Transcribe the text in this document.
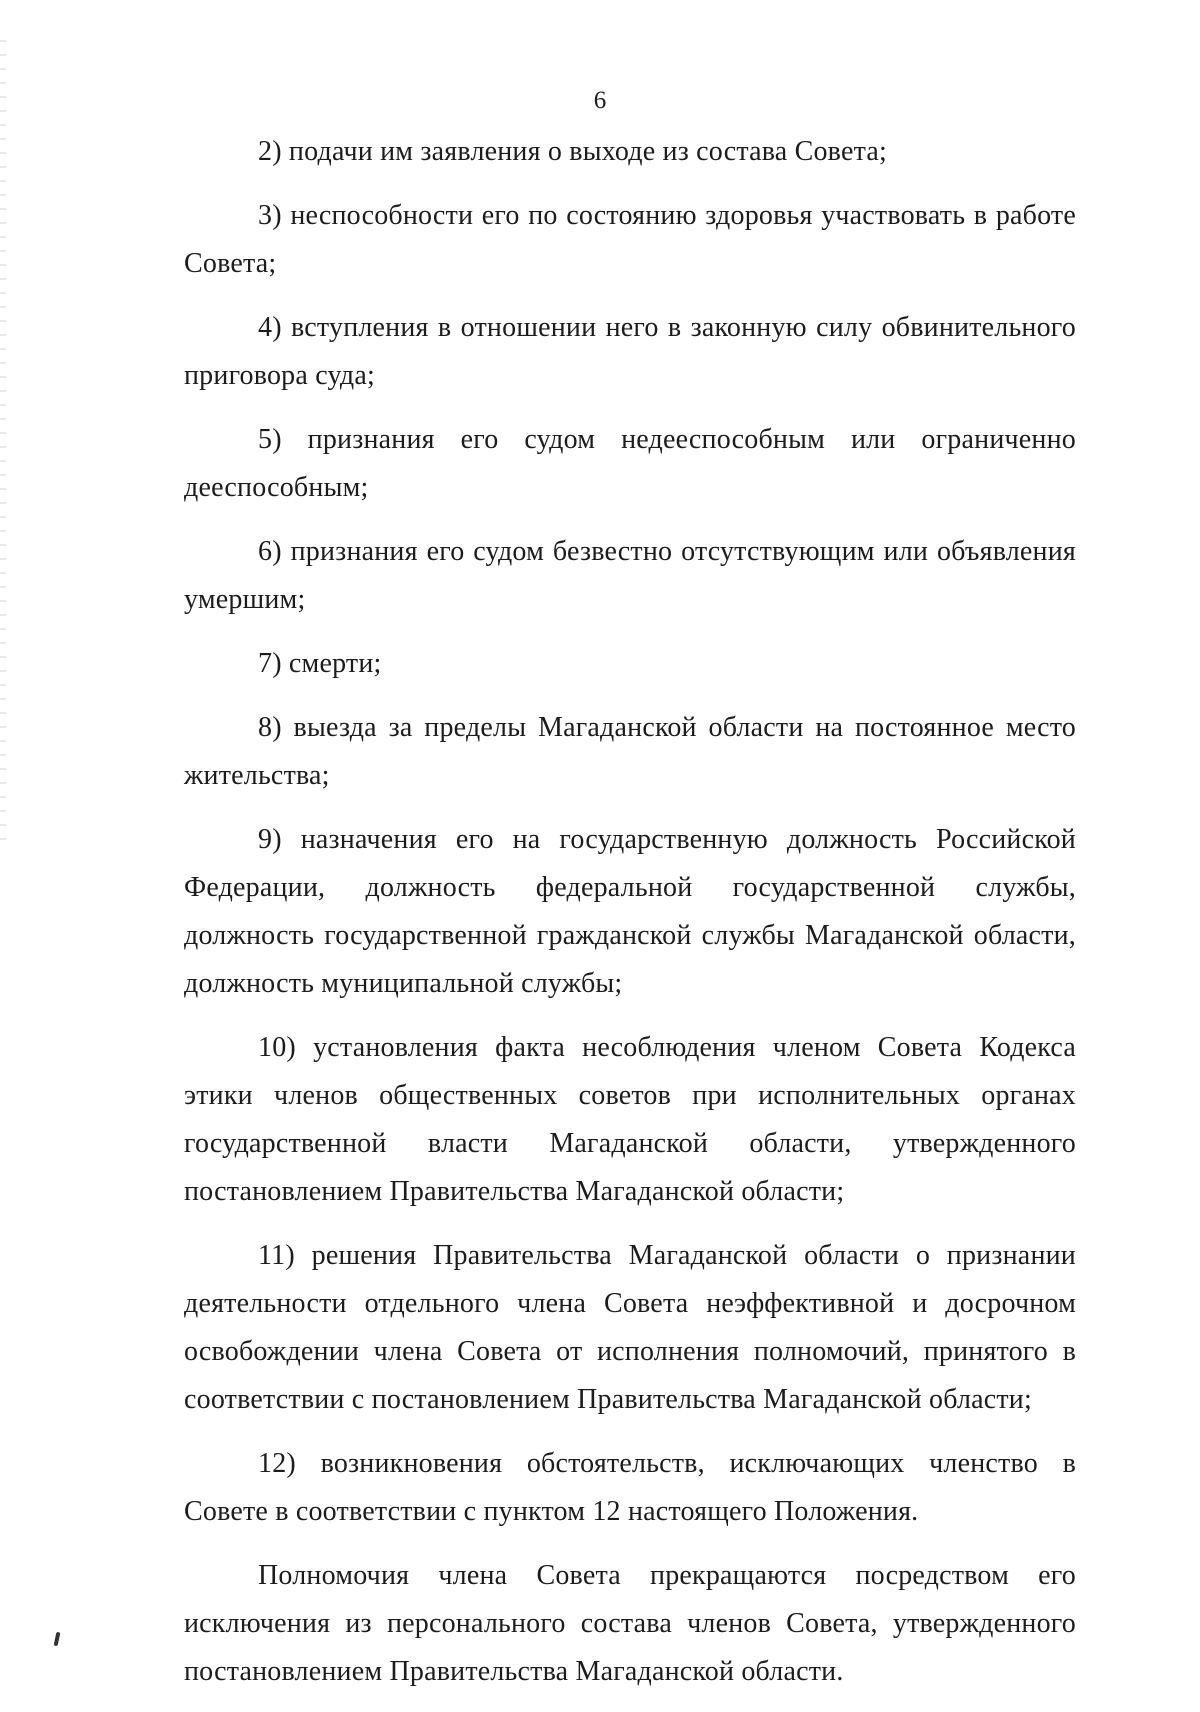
6

2) подачи им заявления о выходе из состава Совета;

3) неспособности его по состоянию здоровья участвовать в работе Совета;

4) вступления в отношении него в законную силу обвинительного приговора суда;

5) признания его судом недееспособным или ограниченно дееспособным;

6) признания его судом безвестно отсутствующим или объявления умершим;

7) смерти;

8) выезда за пределы Магаданской области на постоянное место жительства;

9) назначения его на государственную должность Российской Федерации, должность федеральной государственной службы, должность государственной гражданской службы Магаданской области, должность муниципальной службы;

10) установления факта несоблюдения членом Совета Кодекса этики членов общественных советов при исполнительных органах государственной власти Магаданской области, утвержденного постановлением Правительства Магаданской области;

11) решения Правительства Магаданской области о признании деятельности отдельного члена Совета неэффективной и досрочном освобождении члена Совета от исполнения полномочий, принятого в соответствии с постановлением Правительства Магаданской области;

12) возникновения обстоятельств, исключающих членство в Совете в соответствии с пунктом 12 настоящего Положения.

Полномочия члена Совета прекращаются посредством его исключения из персонального состава членов Совета, утвержденного постановлением Правительства Магаданской области.
